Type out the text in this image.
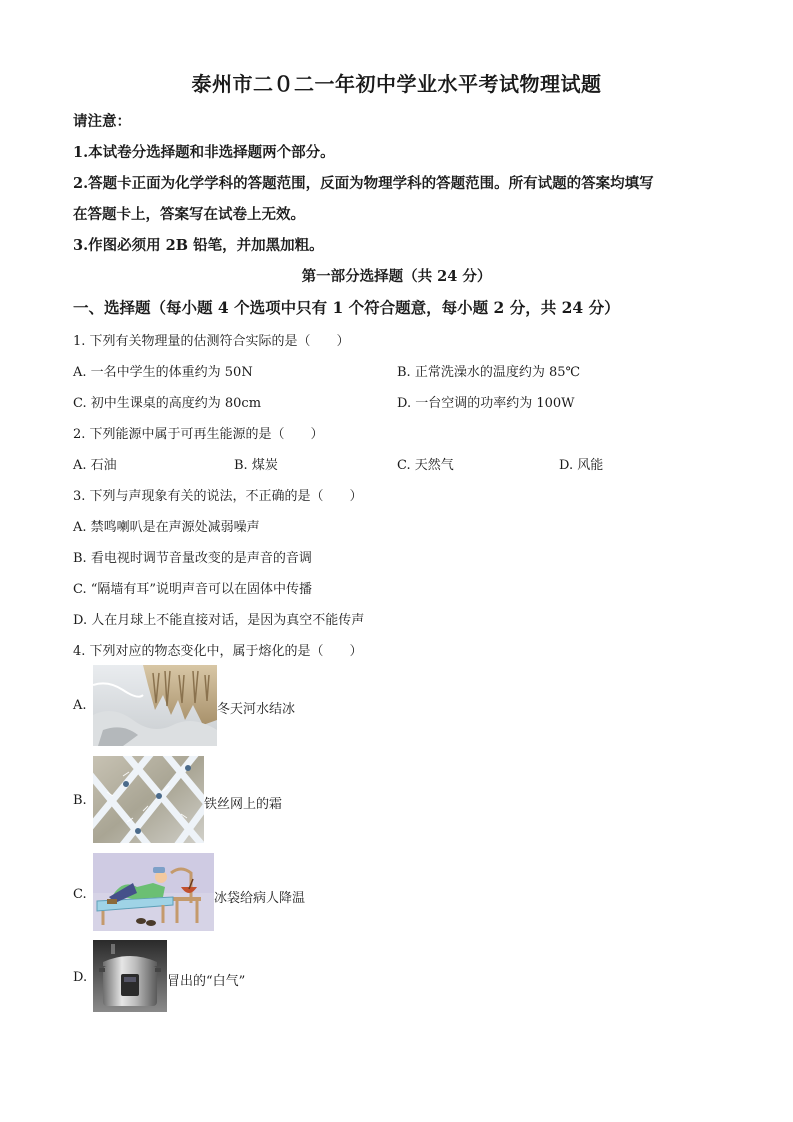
泰州市二０二一年初中学业水平考试物理试题
请注意：
1.本试卷分选择题和非选择题两个部分。
2.答题卡正面为化学学科的答题范围，反面为物理学科的答题范围。所有试题的答案均填写
在答题卡上，答案写在试卷上无效。
3.作图必须用 2B 铅笔，并加黑加粗。
第一部分选择题（共 24 分）
一、选择题（每小题 4 个选项中只有 1 个符合题意，每小题 2 分，共 24 分）
1. 下列有关物理量的估测符合实际的是（　　）
A. 一名中学生的体重约为 50N	B. 正常洗澡水的温度约为 85℃
C. 初中生课桌的高度约为 80cm	D. 一台空调的功率约为 100W
2. 下列能源中属于可再生能源的是（　　）
A. 石油	B. 煤炭	C. 天然气	D. 风能
3. 下列与声现象有关的说法，不正确的是（　　）
A. 禁鸣喇叭是在声源处减弱噪声
B. 看电视时调节音量改变的是声音的音调
C. “隔墙有耳”说明声音可以在固体中传播
D. 人在月球上不能直接对话，是因为真空不能传声
4. 下列对应的物态变化中，属于熔化的是（　　）
A.	冬天河水结冰
B.	铁丝网上的霜
C.	冰袋给病人降温
D.	冒出的“白气”
